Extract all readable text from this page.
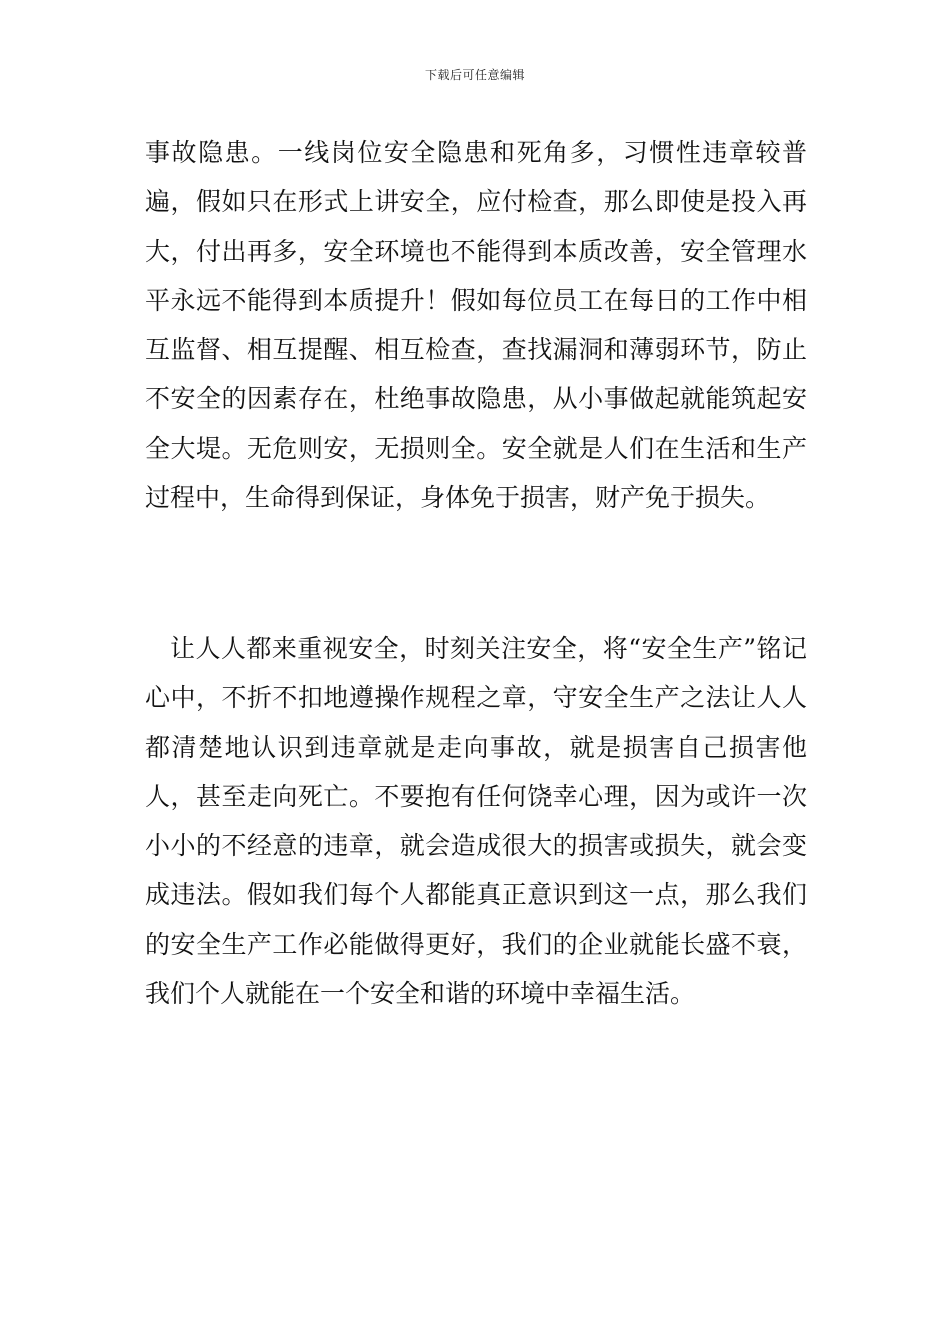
下载后可任意编辑
事故隐患。一线岗位安全隐患和死角多，习惯性违章较普遍，假如只在形式上讲安全，应付检查，那么即使是投入再大，付出再多，安全环境也不能得到本质改善，安全管理水平永远不能得到本质提升！假如每位员工在每日的工作中相互监督、相互提醒、相互检查，查找漏洞和薄弱环节，防止不安全的因素存在，杜绝事故隐患，从小事做起就能筑起安全大堤。无危则安，无损则全。安全就是人们在生活和生产过程中，生命得到保证，身体免于损害，财产免于损失。
让人人都来重视安全，时刻关注安全，将“安全生产”铭记心中，不折不扣地遵操作规程之章，守安全生产之法让人人都清楚地认识到违章就是走向事故，就是损害自己损害他人，甚至走向死亡。不要抱有任何饶幸心理，因为或许一次小小的不经意的违章，就会造成很大的损害或损失，就会变成违法。假如我们每个人都能真正意识到这一点，那么我们的安全生产工作必能做得更好，我们的企业就能长盛不衰，我们个人就能在一个安全和谐的环境中幸福生活。
